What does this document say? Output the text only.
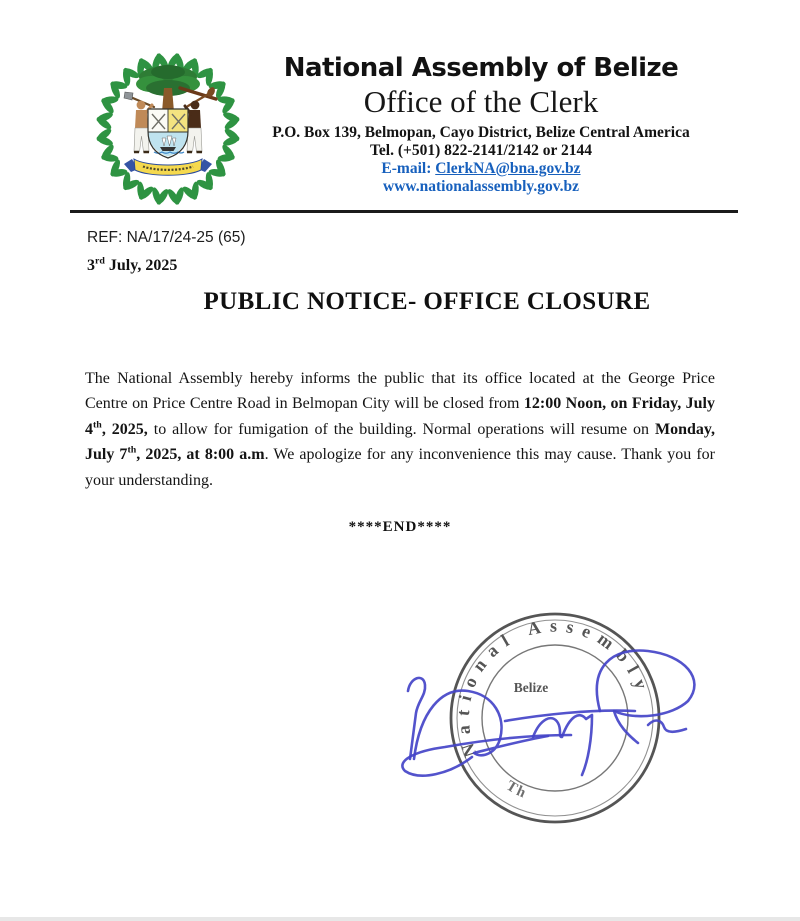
National Assembly of Belize
Office of the Clerk
P.O. Box 139, Belmopan, Cayo District, Belize Central America
Tel. (+501) 822-2141/2142 or 2144
E-mail: ClerkNA@bna.gov.bz
www.nationalassembly.gov.bz
REF: NA/17/24-25 (65)
3rd July, 2025
PUBLIC NOTICE- OFFICE CLOSURE

The National Assembly hereby informs the public that its office located at the George Price Centre on Price Centre Road in Belmopan City will be closed from 12:00 Noon, on Friday, July 4th, 2025, to allow for fumigation of the building. Normal operations will resume on Monday, July 7th, 2025, at 8:00 a.m. We apologize for any inconvenience this may cause. Thank you for your understanding.

****END****
National Assembly
Th
Belize
